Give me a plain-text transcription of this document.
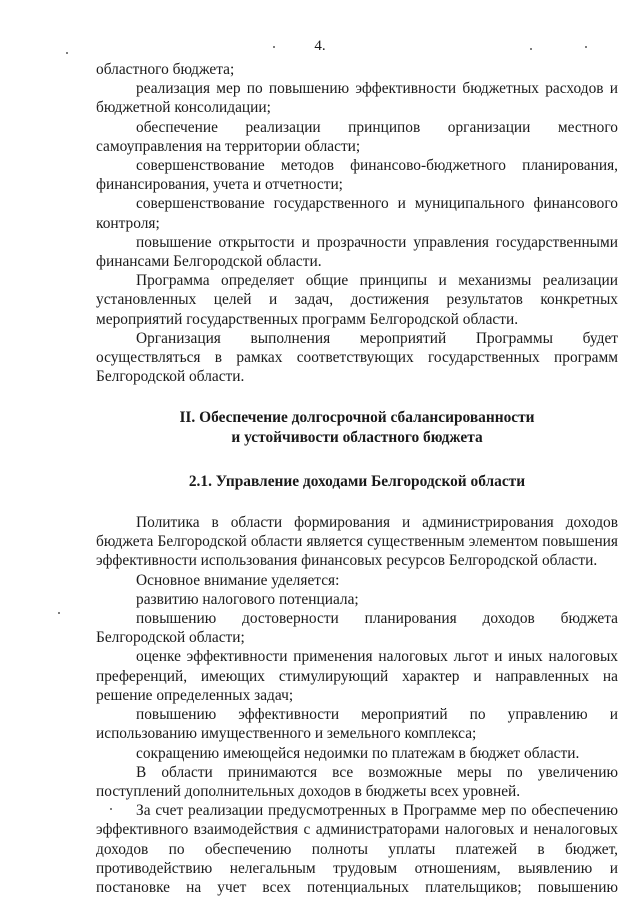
4.

областного бюджета;

реализация мер по повышению эффективности бюджетных расходов и бюджетной консолидации;

обеспечение реализации принципов организации местного самоуправления на территории области;

совершенствование методов финансово-бюджетного планирования, финансирования, учета и отчетности;

совершенствование государственного и муниципального финансового контроля;

повышение открытости и прозрачности управления государственными финансами Белгородской области.

Программа определяет общие принципы и механизмы реализации установленных целей и задач, достижения результатов конкретных мероприятий государственных программ Белгородской области.

Организация выполнения мероприятий Программы будет осуществляться в рамках соответствующих государственных программ Белгородской области.

II. Обеспечение долгосрочной сбалансированности

и устойчивости областного бюджета

2.1. Управление доходами Белгородской области

Политика в области формирования и администрирования доходов бюджета Белгородской области является существенным элементом повышения эффективности использования финансовых ресурсов Белгородской области.

Основное внимание уделяется:

развитию налогового потенциала;

повышению достоверности планирования доходов бюджета Белгородской области;

оценке эффективности применения налоговых льгот и иных налоговых преференций, имеющих стимулирующий характер и направленных на решение определенных задач;

повышению эффективности мероприятий по управлению и использованию имущественного и земельного комплекса;

сокращению имеющейся недоимки по платежам в бюджет области.

В области принимаются все возможные меры по увеличению поступлений дополнительных доходов в бюджеты всех уровней.

За счет реализации предусмотренных в Программе мер по обеспечению эффективного взаимодействия с администраторами налоговых и неналоговых доходов по обеспечению полноты уплаты платежей в бюджет, противодействию нелегальным трудовым отношениям, выявлению и постановке на учет всех потенциальных плательщиков; повышению
